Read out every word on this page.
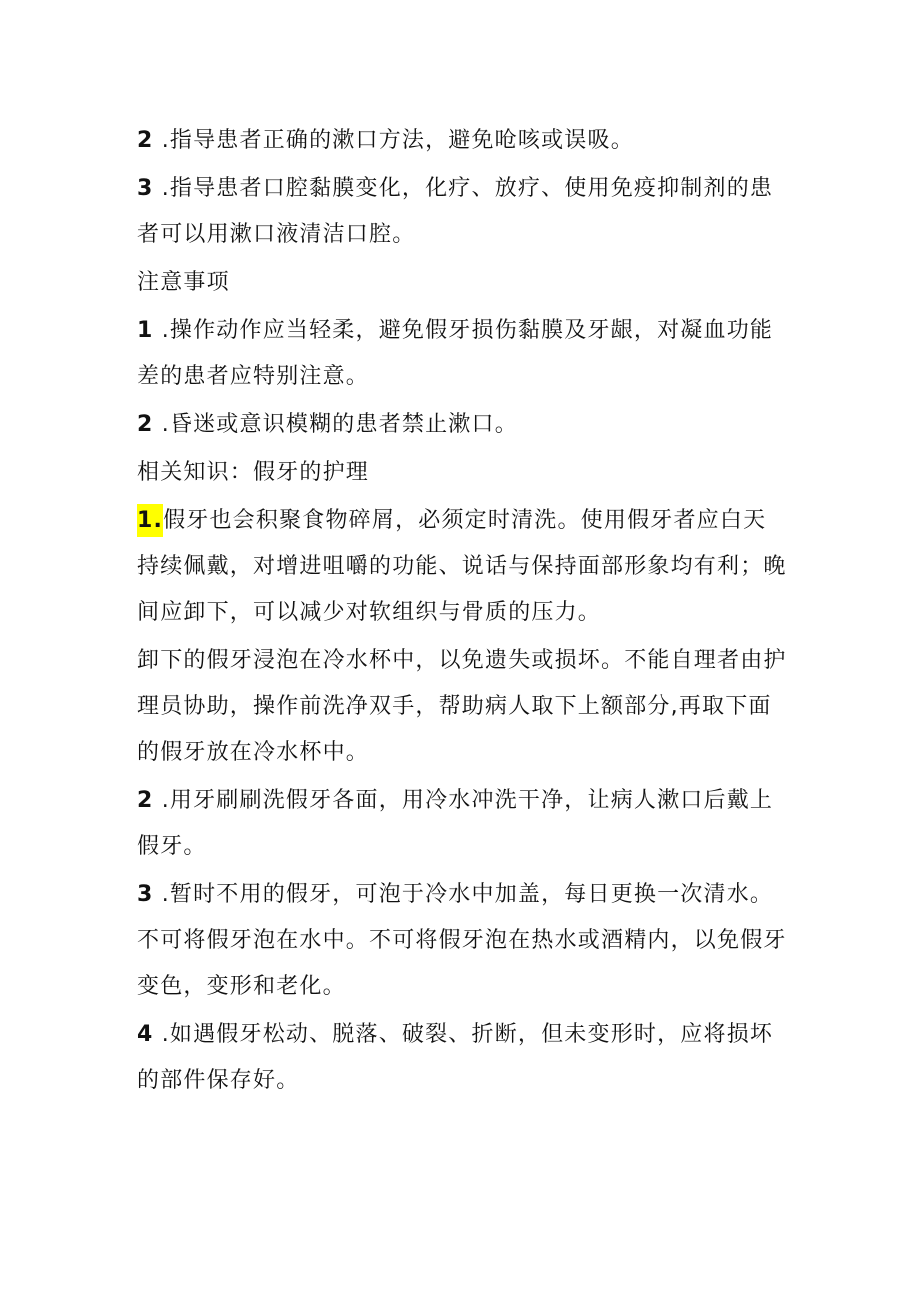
2 .指导患者正确的漱口方法，避免呛咳或误吸。

3 .指导患者口腔黏膜变化，化疗、放疗、使用免疫抑制剂的患者可以用漱口液清洁口腔。

注意事项

1 .操作动作应当轻柔，避免假牙损伤黏膜及牙龈，对凝血功能差的患者应特别注意。

2 .昏迷或意识模糊的患者禁止漱口。

相关知识：假牙的护理

1.假牙也会积聚食物碎屑，必须定时清洗。使用假牙者应白天持续佩戴，对增进咀嚼的功能、说话与保持面部形象均有利；晚间应卸下，可以减少对软组织与骨质的压力。

卸下的假牙浸泡在冷水杯中，以免遗失或损坏。不能自理者由护理员协助，操作前洗净双手，帮助病人取下上额部分,再取下面的假牙放在冷水杯中。

2 .用牙刷刷洗假牙各面，用冷水冲洗干净，让病人漱口后戴上假牙。

3 .暂时不用的假牙，可泡于冷水中加盖，每日更换一次清水。不可将假牙泡在水中。不可将假牙泡在热水或酒精内，以免假牙变色，变形和老化。

4 .如遇假牙松动、脱落、破裂、折断，但未变形时，应将损坏的部件保存好。
